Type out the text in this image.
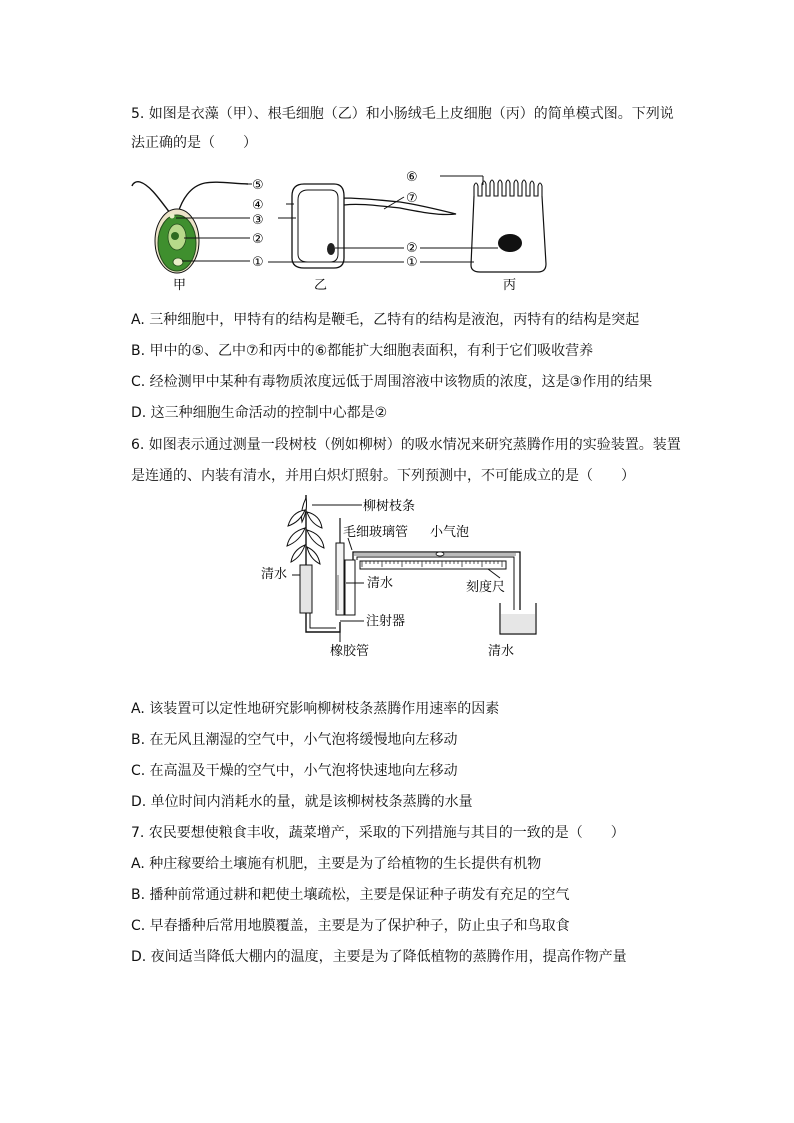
5. 如图是衣藻（甲）、根毛细胞（乙）和小肠绒毛上皮细胞（丙）的简单模式图。下列说
法正确的是（　　）
⑤
④
③
②
①
甲	乙
⑦
②
①
⑥
丙
A. 三种细胞中，甲特有的结构是鞭毛，乙特有的结构是液泡，丙特有的结构是突起
B. 甲中的⑤、乙中⑦和丙中的⑥都能扩大细胞表面积，有利于它们吸收营养
C. 经检测甲中某种有毒物质浓度远低于周围溶液中该物质的浓度，这是③作用的结果
D. 这三种细胞生命活动的控制中心都是②
6. 如图表示通过测量一段树枝（例如柳树）的吸水情况来研究蒸腾作用的实验装置。装置
是连通的、内装有清水，并用白炽灯照射。下列预测中，不可能成立的是（　　）
柳树枝条
清水
清水
注射器
橡胶管
毛细玻璃管 小气泡
刻度尺
清水
A. 该装置可以定性地研究影响柳树枝条蒸腾作用速率的因素
B. 在无风且潮湿的空气中，小气泡将缓慢地向左移动
C. 在高温及干燥的空气中，小气泡将快速地向左移动
D. 单位时间内消耗水的量，就是该柳树枝条蒸腾的水量
7. 农民要想使粮食丰收，蔬菜增产，采取的下列措施与其目的一致的是（　　）
A. 种庄稼要给土壤施有机肥，主要是为了给植物的生长提供有机物
B. 播种前常通过耕和耙使土壤疏松，主要是保证种子萌发有充足的空气
C. 早春播种后常用地膜覆盖，主要是为了保护种子，防止虫子和鸟取食
D. 夜间适当降低大棚内的温度，主要是为了降低植物的蒸腾作用，提高作物产量
